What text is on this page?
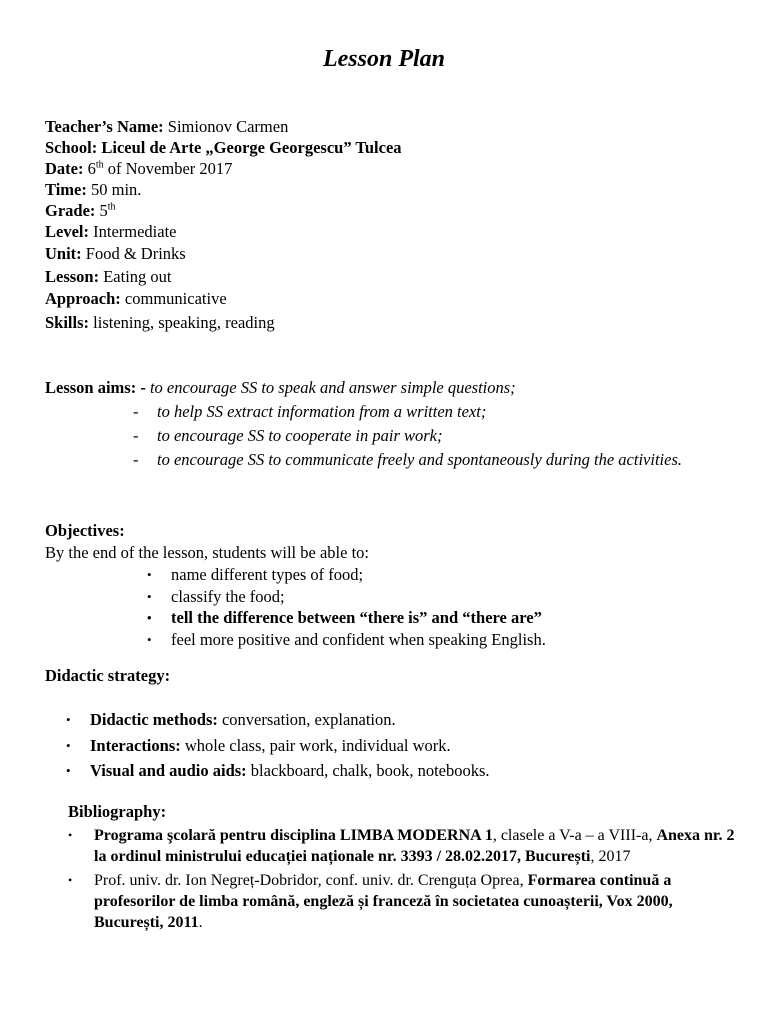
Lesson Plan
Teacher’s Name: Simionov Carmen
School: Liceul de Arte „George Georgescu” Tulcea
Date: 6th of November 2017
Time: 50 min.
Grade: 5th
Level: Intermediate
Unit: Food & Drinks
Lesson: Eating out
Approach: communicative
Skills: listening, speaking, reading
Lesson aims: - to encourage SS to speak and answer simple questions;
- to help SS extract information from a written text;
- to encourage SS to cooperate in pair work;
- to encourage SS to communicate freely and spontaneously during the activities.
Objectives:
By the end of the lesson, students will be able to:
• name different types of food;
• classify the food;
• tell the difference between “there is” and “there are”
• feel more positive and confident when speaking English.
Didactic strategy:
• Didactic methods: conversation, explanation.
• Interactions: whole class, pair work, individual work.
• Visual and audio aids: blackboard, chalk, book, notebooks.
Bibliography:
• Programa şcolară pentru disciplina LIMBA MODERNA 1, clasele a V-a – a VIII-a, Anexa nr. 2 la ordinul ministrului educației naționale nr. 3393 / 28.02.2017, București, 2017
• Prof. univ. dr. Ion Negreț-Dobridor, conf. univ. dr. Crenguța Oprea, Formarea continuă a profesorilor de limba română, engleză și franceză în societatea cunoașterii, Vox 2000, București, 2011.
